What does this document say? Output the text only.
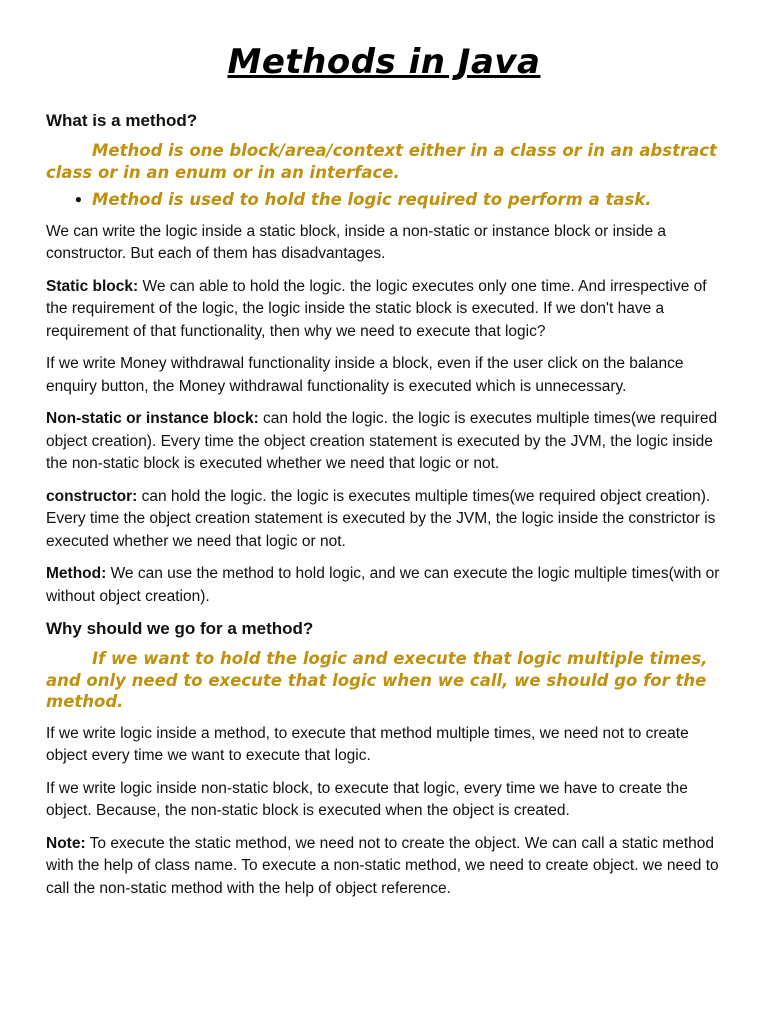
Methods in Java
What is a method?
Method is one block/area/context either in a class or in an abstract class or in an enum or in an interface.
● Method is used to hold the logic required to perform a task.

We can write the logic inside a static block, inside a non-static or instance block or inside a constructor. But each of them has disadvantages.

Static block: We can able to hold the logic. the logic executes only one time. And irrespective of the requirement of the logic, the logic inside the static block is executed. If we don't have a requirement of that functionality, then why we need to execute that logic?

If we write Money withdrawal functionality inside a block, even if the user click on the balance enquiry button, the Money withdrawal functionality is executed which is unnecessary.

Non-static or instance block: can hold the logic. the logic is executes multiple times(we required object creation). Every time the object creation statement is executed by the JVM, the logic inside the non-static block is executed whether we need that logic or not.

constructor: can hold the logic. the logic is executes multiple times(we required object creation). Every time the object creation statement is executed by the JVM, the logic inside the constrictor is executed whether we need that logic or not.

Method: We can use the method to hold logic, and we can execute the logic multiple times(with or without object creation).

Why should we go for a method?
If we want to hold the logic and execute that logic multiple times, and only need to execute that logic when we call, we should go for the method.

If we write logic inside a method, to execute that method multiple times, we need not to create object every time we want to execute that logic.

If we write logic inside non-static block, to execute that logic, every time we have to create the object. Because, the non-static block is executed when the object is created.

Note: To execute the static method, we need not to create the object. We can call a static method with the help of class name. To execute a non-static method, we need to create object. we need to call the non-static method with the help of object reference.
